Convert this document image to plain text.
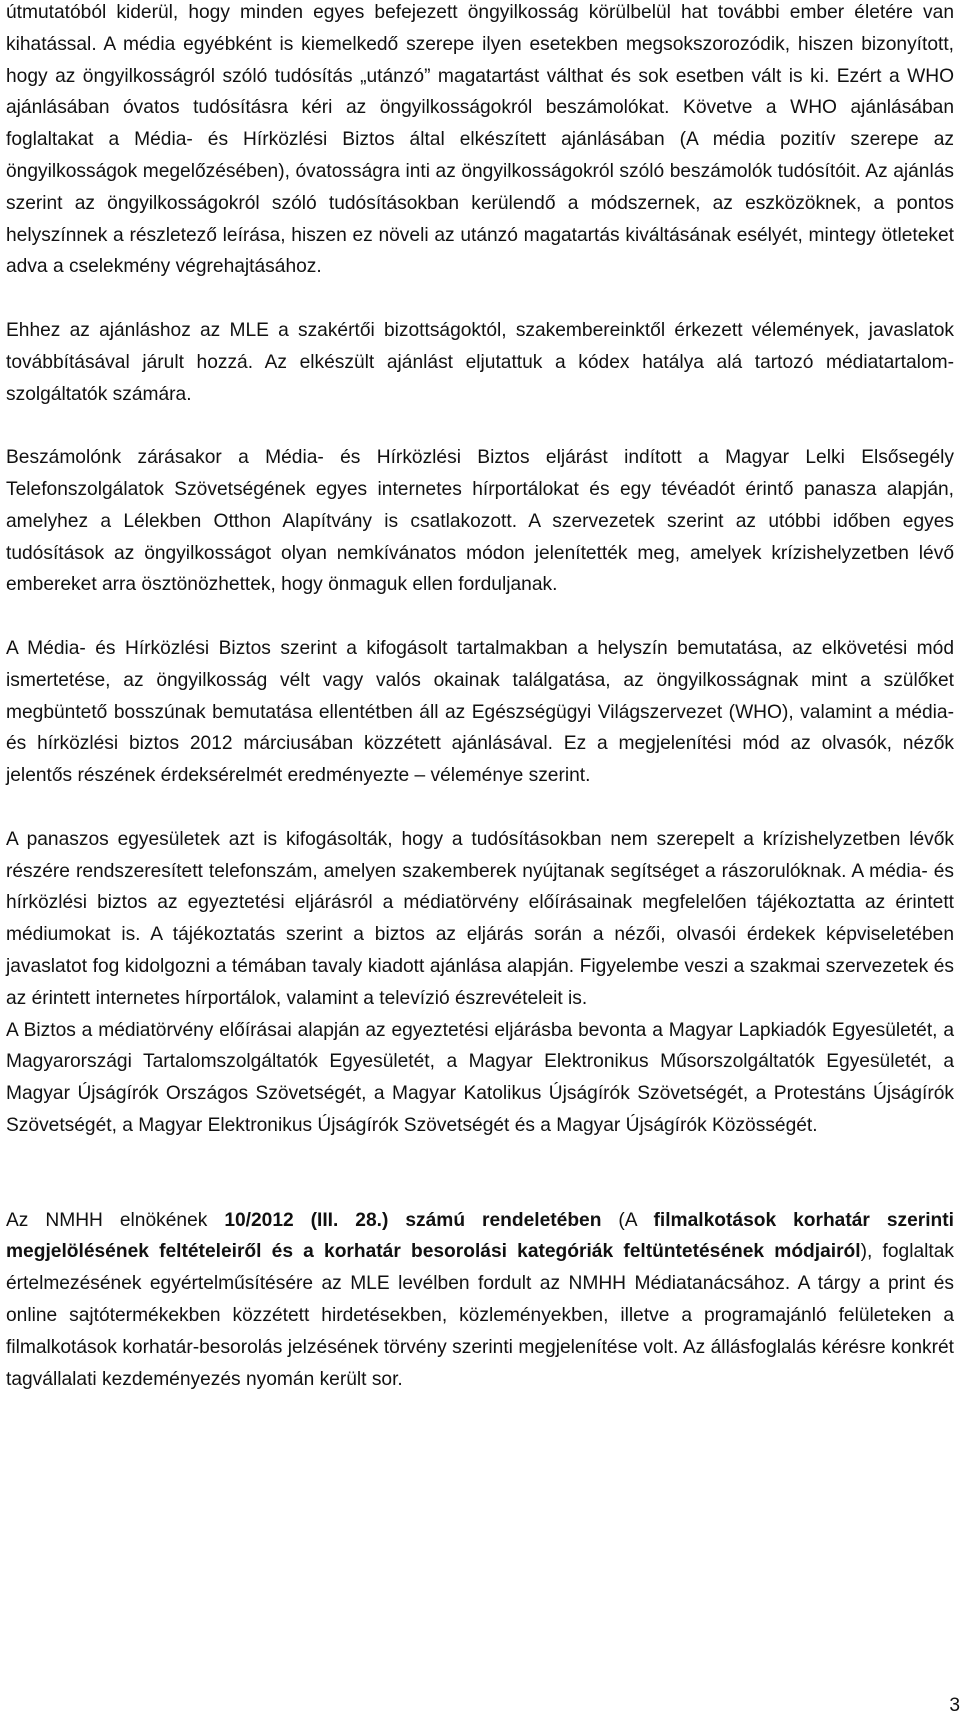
útmutatóból kiderül, hogy minden egyes befejezett öngyilkosság körülbelül hat további ember életére van kihatással. A média egyébként is kiemelkedő szerepe ilyen esetekben megsokszorozódik, hiszen bizonyított, hogy az öngyilkosságról szóló tudósítás „utánzó” magatartást válthat és sok esetben vált is ki. Ezért a WHO ajánlásában óvatos tudósításra kéri az öngyilkosságokról beszámolókat. Követve a WHO ajánlásában foglaltakat a Média- és Hírközlési Biztos által elkészített ajánlásában (A média pozitív szerepe az öngyilkosságok megelőzésében), óvatosságra inti az öngyilkosságokról szóló beszámolók tudósítóit. Az ajánlás szerint az öngyilkosságokról szóló tudósításokban kerülendő a módszernek, az eszközöknek, a pontos helyszínnek a részletező leírása, hiszen ez növeli az utánzó magatartás kiváltásának esélyét, mintegy ötleteket adva a cselekmény végrehajtásához.

Ehhez az ajánláshoz az MLE a szakértői bizottságoktól, szakembereinktől érkezett vélemények, javaslatok továbbításával járult hozzá. Az elkészült ajánlást eljutattuk a kódex hatálya alá tartozó médiatartalom-szolgáltatók számára.

Beszámolónk zárásakor a Média- és Hírközlési Biztos eljárást indított a Magyar Lelki Elsősegély Telefonszolgálatok Szövetségének egyes internetes hírportálokat és egy tévéadót érintő panasza alapján, amelyhez a Lélekben Otthon Alapítvány is csatlakozott. A szervezetek szerint az utóbbi időben egyes tudósítások az öngyilkosságot olyan nemkívánatos módon jelenítették meg, amelyek krízishelyzetben lévő embereket arra ösztönözhettek, hogy önmaguk ellen forduljanak.

A Média- és Hírközlési Biztos szerint a kifogásolt tartalmakban a helyszín bemutatása, az elkövetési mód ismertetése, az öngyilkosság vélt vagy valós okainak találgatása, az öngyilkosságnak mint a szülőket megbüntető bosszúnak bemutatása ellentétben áll az Egészségügyi Világszervezet (WHO), valamint a média- és hírközlési biztos 2012 márciusában közzétett ajánlásával. Ez a megjelenítési mód az olvasók, nézők jelentős részének érdeksérelmét eredményezte – véleménye szerint.

A panaszos egyesületek azt is kifogásolták, hogy a tudósításokban nem szerepelt a krízishelyzetben lévők részére rendszeresített telefonszám, amelyen szakemberek nyújtanak segítséget a rászorulóknak. A média- és hírközlési biztos az egyeztetési eljárásról a médiatörvény előírásainak megfelelően tájékoztatta az érintett médiumokat is. A tájékoztatás szerint a biztos az eljárás során a nézői, olvasói érdekek képviseletében javaslatot fog kidolgozni a témában tavaly kiadott ajánlása alapján. Figyelembe veszi a szakmai szervezetek és az érintett internetes hírportálok, valamint a televízió észrevételeit is.

A Biztos a médiatörvény előírásai alapján az egyeztetési eljárásba bevonta a Magyar Lapkiadók Egyesületét, a Magyarországi Tartalomszolgáltatók Egyesületét, a Magyar Elektronikus Műsorszolgáltatók Egyesületét, a Magyar Újságírók Országos Szövetségét, a Magyar Katolikus Újságírók Szövetségét, a Protestáns Újságírók Szövetségét, a Magyar Elektronikus Újságírók Szövetségét és a Magyar Újságírók Közösségét.

Az NMHH elnökének 10/2012 (III. 28.) számú rendeletében (A filmalkotások korhatár szerinti megjelölésének feltételeiről és a korhatár besorolási kategóriák feltüntetésének módjairól), foglaltak értelmezésének egyértelműsítésére az MLE levélben fordult az NMHH Médiatanácsához. A tárgy a print és online sajtótermékekben közzétett hirdetésekben, közleményekben, illetve a programajánló felületeken a filmalkotások korhatár-besorolás jelzésének törvény szerinti megjelenítése volt. Az állásfoglalás kérésre konkrét tagvállalati kezdeményezés nyomán került sor.

3
